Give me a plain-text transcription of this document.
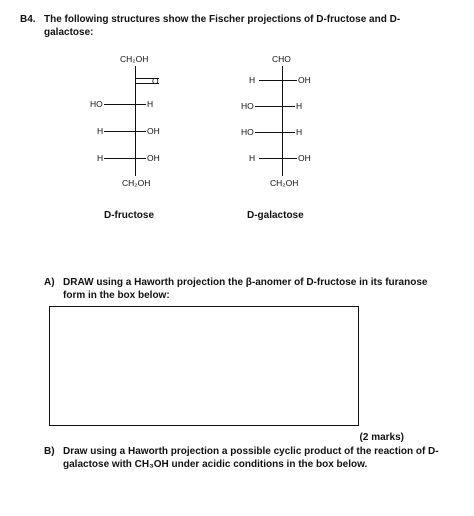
B4. The following structures show the Fischer projections of D-fructose and D-
galactose:
CH₂OH
O
HO	H
H	OH
H	OH
CH₂OH
D-fructose
CHO
H	OH
HO	H
HO	H
H	OH
CH₂OH
D-galactose
A) DRAW using a Haworth projection the β-anomer of D-fructose in its furanose
form in the box below:
(2 marks)
B) Draw using a Haworth projection a possible cyclic product of the reaction of D-
galactose with CH₃OH under acidic conditions in the box below.
